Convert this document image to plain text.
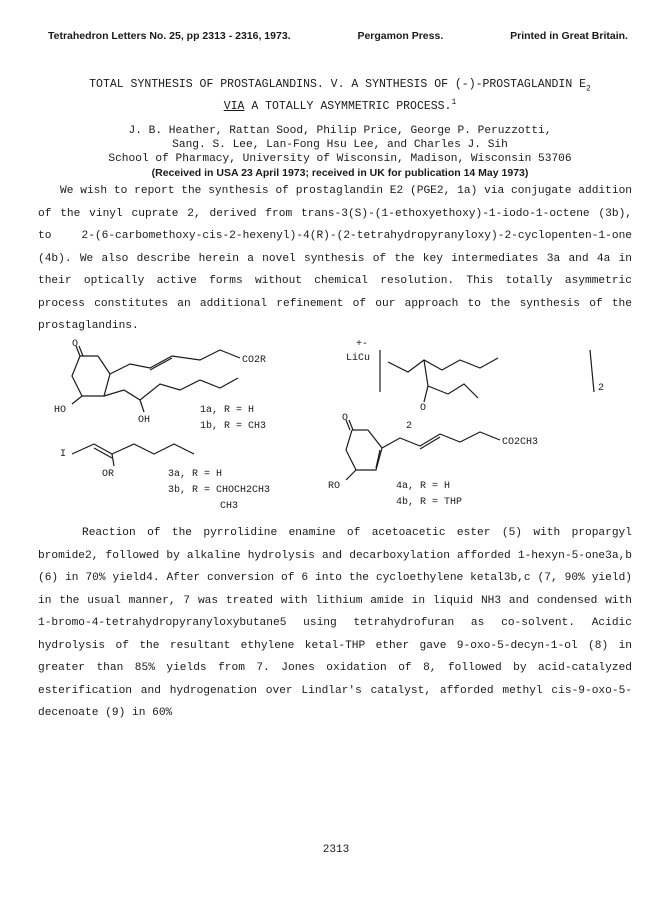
Tetrahedron Letters No. 25, pp 2313 - 2316, 1973.	Pergamon Press.	Printed in Great Britain.
TOTAL SYNTHESIS OF PROSTAGLANDINS. V. A SYNTHESIS OF (-)-PROSTAGLANDIN $E_2$
VIA A TOTALLY ASYMMETRIC PROCESS.$^1$
J. B. Heather, Rattan Sood, Philip Price, George P. Peruzzotti,
Sang. S. Lee, Lan-Fong Hsu Lee, and Charles J. Sih
School of Pharmacy, University of Wisconsin, Madison, Wisconsin 53706
(Received in USA 23 April 1973; received in UK for publication 14 May 1973)

We wish to report the synthesis of prostaglandin E2 (PGE2, 1a) via conjugate addition of the vinyl cuprate 2, derived from trans-3(S)-(1-ethoxyethoxy)-1-iodo-1-octene (3b), to 2-(6-carbomethoxy-cis-2-hexenyl)-4(R)-(2-tetrahydropyranyloxy)-2-cyclopenten-1-one (4b). We also describe herein a novel synthesis of the key intermediates 3a and 4a in their optically active forms without chemical resolution. This totally asymmetric process constitutes an additional refinement of our approach to the synthesis of the prostaglandins.

O
CO2R
HO
OH
1a, R = H
1b, R = CH3
+-
LiCu
O
2
2
I
OR	3a, R = H
3b, R = CHOCH2CH3
CH3
O
CO2CH3
RO	4a, R = H
4b, R = THP

Reaction of the pyrrolidine enamine of acetoacetic ester (5) with propargyl bromide2, followed by alkaline hydrolysis and decarboxylation afforded 1-hexyn-5-one3a,b (6) in 70% yield4. After conversion of 6 into the cycloethylene ketal3b,c (7, 90% yield) in the usual manner, 7 was treated with lithium amide in liquid NH3 and condensed with 1-bromo-4-tetrahydropyranyloxybutane5 using tetrahydrofuran as co-solvent. Acidic hydrolysis of the resultant ethylene ketal-THP ether gave 9-oxo-5-decyn-1-ol (8) in greater than 85% yields from 7. Jones oxidation of 8, followed by acid-catalyzed esterification and hydrogenation over Lindlar's catalyst, afforded methyl cis-9-oxo-5-decenoate (9) in 60%

2313
